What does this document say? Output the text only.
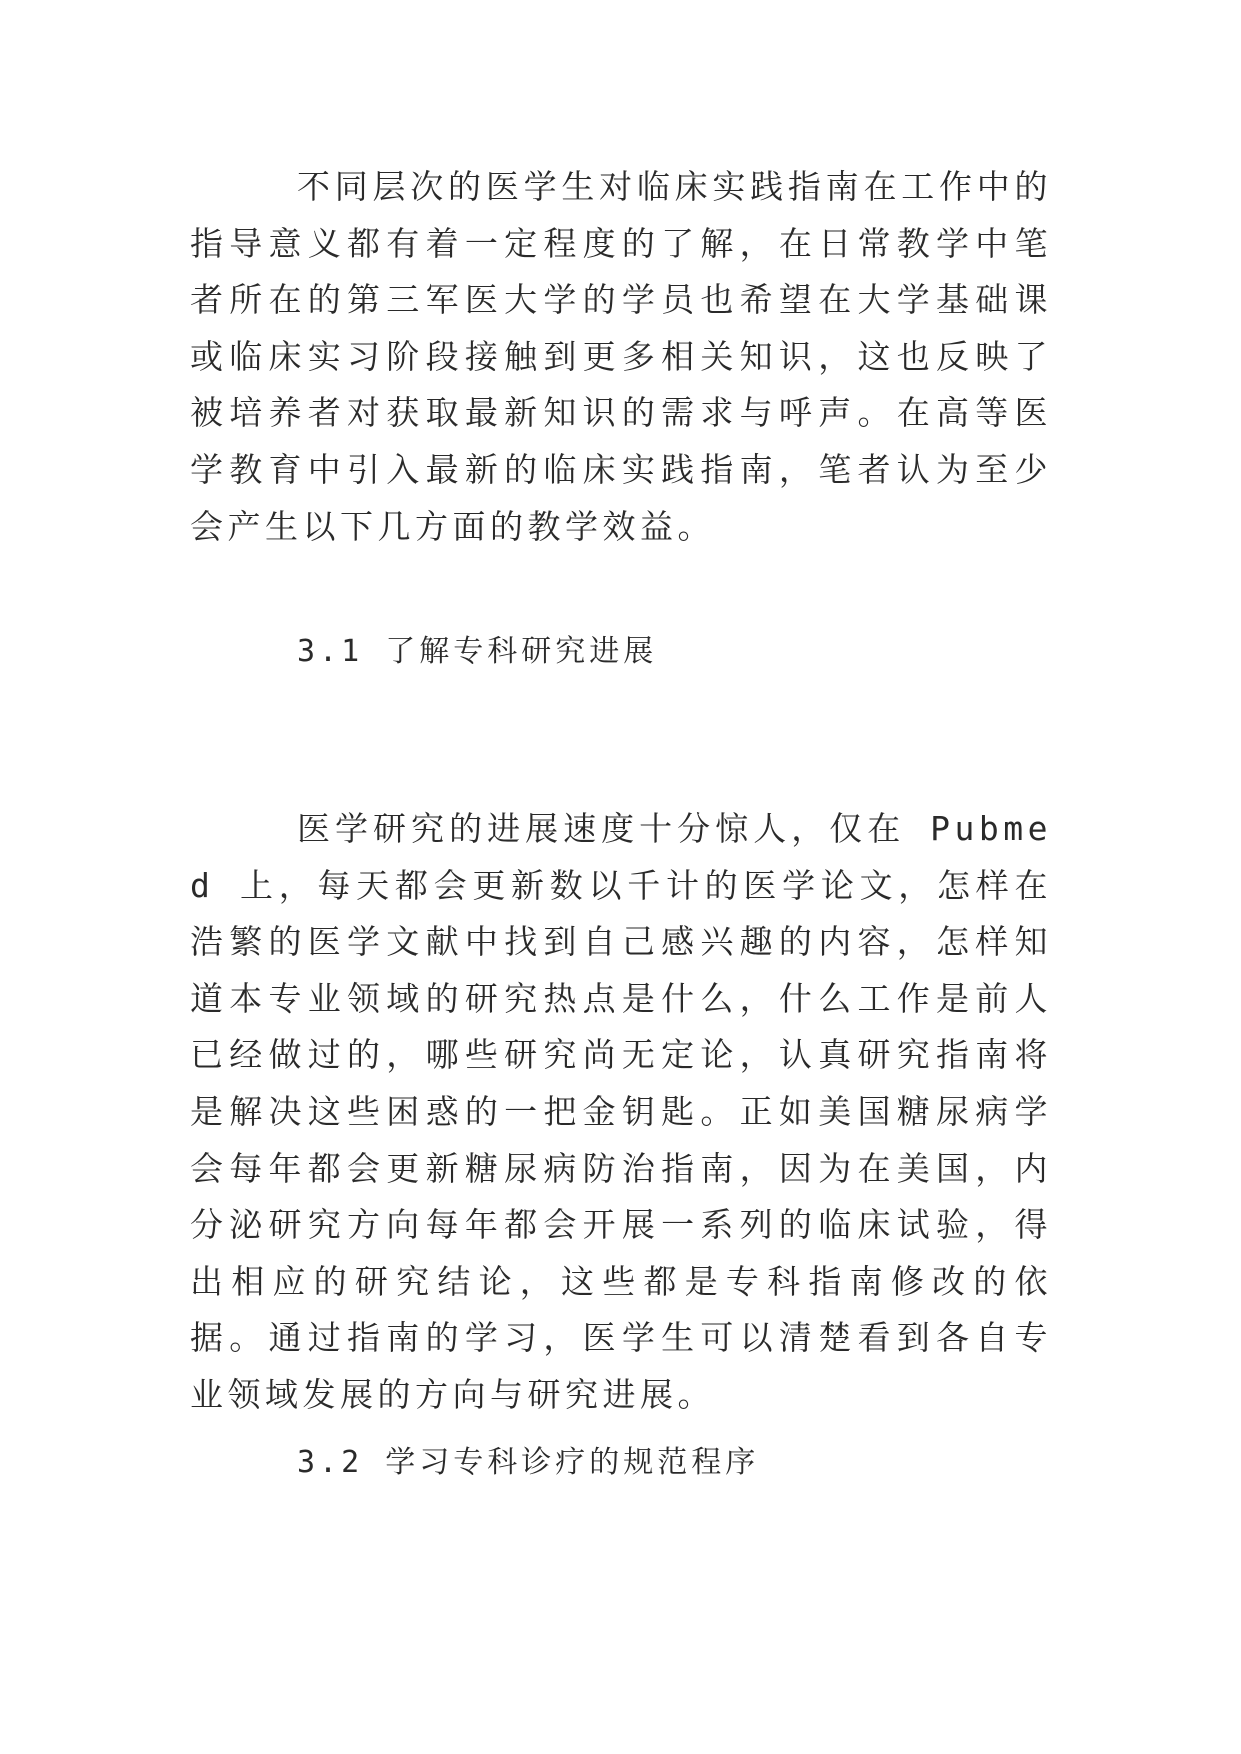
不同层次的医学生对临床实践指南在工作中的指导意义都有着一定程度的了解，在日常教学中笔者所在的第三军医大学的学员也希望在大学基础课或临床实习阶段接触到更多相关知识，这也反映了被培养者对获取最新知识的需求与呼声。在高等医学教育中引入最新的临床实践指南，笔者认为至少会产生以下几方面的教学效益。

3.1 了解专科研究进展

医学研究的进展速度十分惊人，仅在 Pubmed 上，每天都会更新数以千计的医学论文，怎样在浩繁的医学文献中找到自己感兴趣的内容，怎样知道本专业领域的研究热点是什么，什么工作是前人已经做过的，哪些研究尚无定论，认真研究指南将是解决这些困惑的一把金钥匙。正如美国糖尿病学会每年都会更新糖尿病防治指南，因为在美国，内分泌研究方向每年都会开展一系列的临床试验，得出相应的研究结论，这些都是专科指南修改的依据。通过指南的学习，医学生可以清楚看到各自专业领域发展的方向与研究进展。

3.2 学习专科诊疗的规范程序
